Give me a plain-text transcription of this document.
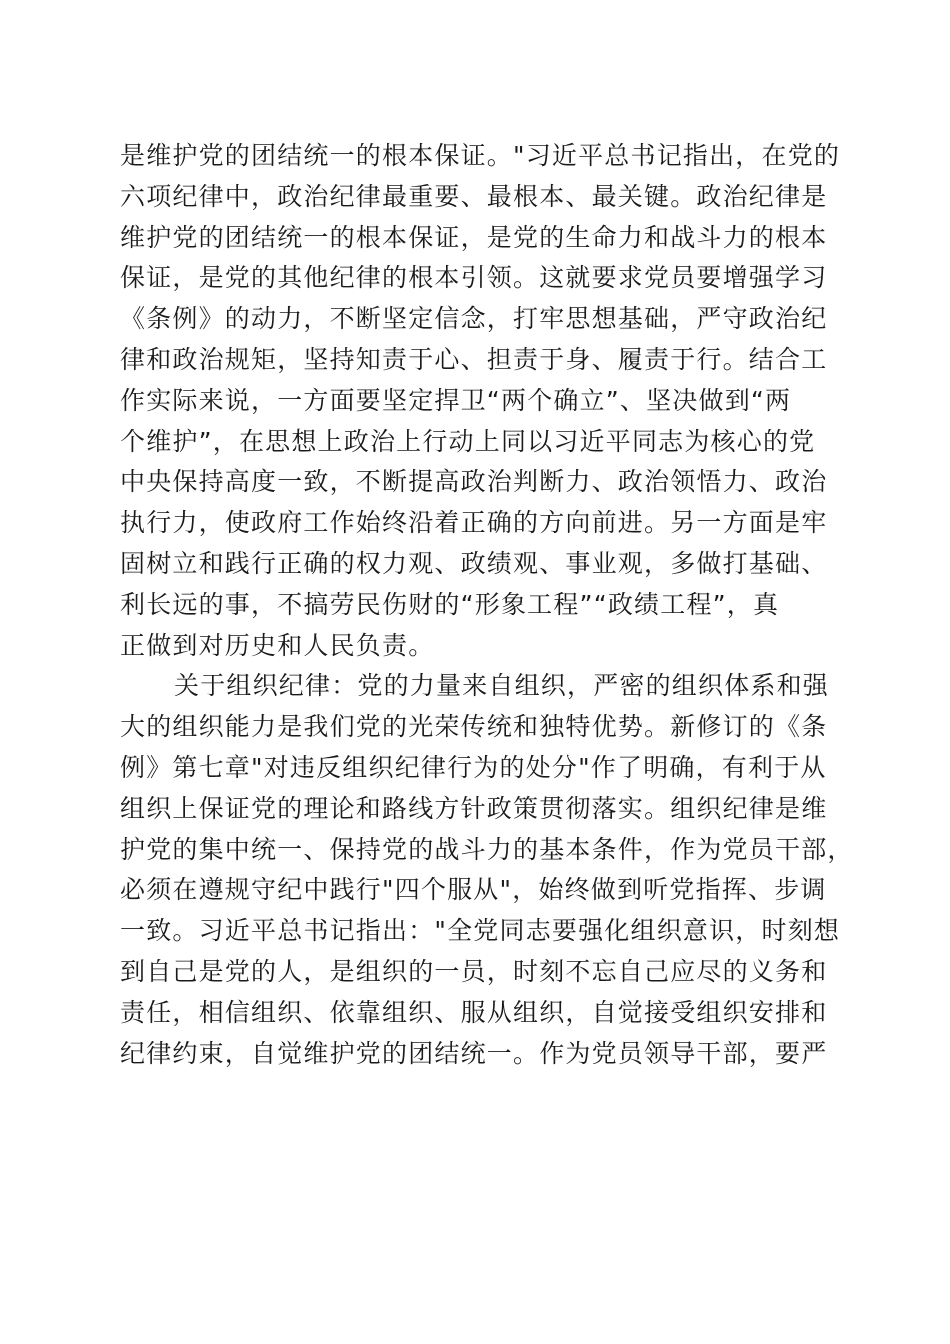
是维护党的团结统一的根本保证。"习近平总书记指出，在党的
六项纪律中，政治纪律最重要、最根本、最关键。政治纪律是
维护党的团结统一的根本保证，是党的生命力和战斗力的根本
保证，是党的其他纪律的根本引领。这就要求党员要增强学习
《条例》的动力，不断坚定信念，打牢思想基础，严守政治纪
律和政治规矩，坚持知责于心、担责于身、履责于行。结合工
作实际来说，一方面要坚定捍卫“两个确立”、坚决做到“两
个维护”，在思想上政治上行动上同以习近平同志为核心的党
中央保持高度一致，不断提高政治判断力、政治领悟力、政治
执行力，使政府工作始终沿着正确的方向前进。另一方面是牢
固树立和践行正确的权力观、政绩观、事业观，多做打基础、
利长远的事，不搞劳民伤财的“形象工程”“政绩工程”，真
正做到对历史和人民负责。

关于组织纪律：党的力量来自组织，严密的组织体系和强
大的组织能力是我们党的光荣传统和独特优势。新修订的《条
例》第七章"对违反组织纪律行为的处分"作了明确，有利于从
组织上保证党的理论和路线方针政策贯彻落实。组织纪律是维
护党的集中统一、保持党的战斗力的基本条件，作为党员干部，
必须在遵规守纪中践行"四个服从"，始终做到听党指挥、步调
一致。习近平总书记指出："全党同志要强化组织意识，时刻想
到自己是党的人，是组织的一员，时刻不忘自己应尽的义务和
责任，相信组织、依靠组织、服从组织，自觉接受组织安排和
纪律约束，自觉维护党的团结统一。作为党员领导干部，要严
